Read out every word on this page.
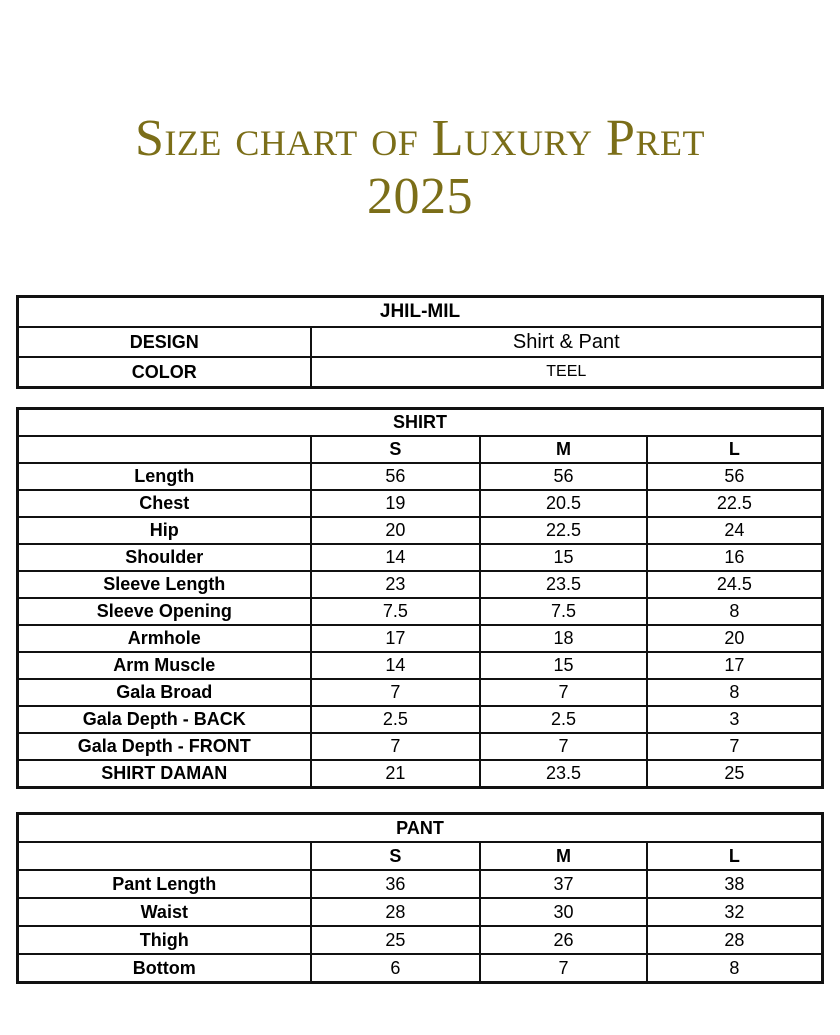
Size chart of Luxury Pret
2025
JHIL-MIL	
DESIGN	Shirt & Pant
COLOR	TEEL
SHIRT			
	S	M	L
Length	56	56	56
Chest	19	20.5	22.5
Hip	20	22.5	24
Shoulder	14	15	16
Sleeve Length	23	23.5	24.5
Sleeve Opening	7.5	7.5	8
Armhole	17	18	20
Arm Muscle	14	15	17
Gala Broad	7	7	8
Gala Depth - BACK	2.5	2.5	3
Gala Depth - FRONT	7	7	7
SHIRT DAMAN	21	23.5	25
PANT			
	S	M	L
Pant Length	36	37	38
Waist	28	30	32
Thigh	25	26	28
Bottom	6	7	8
